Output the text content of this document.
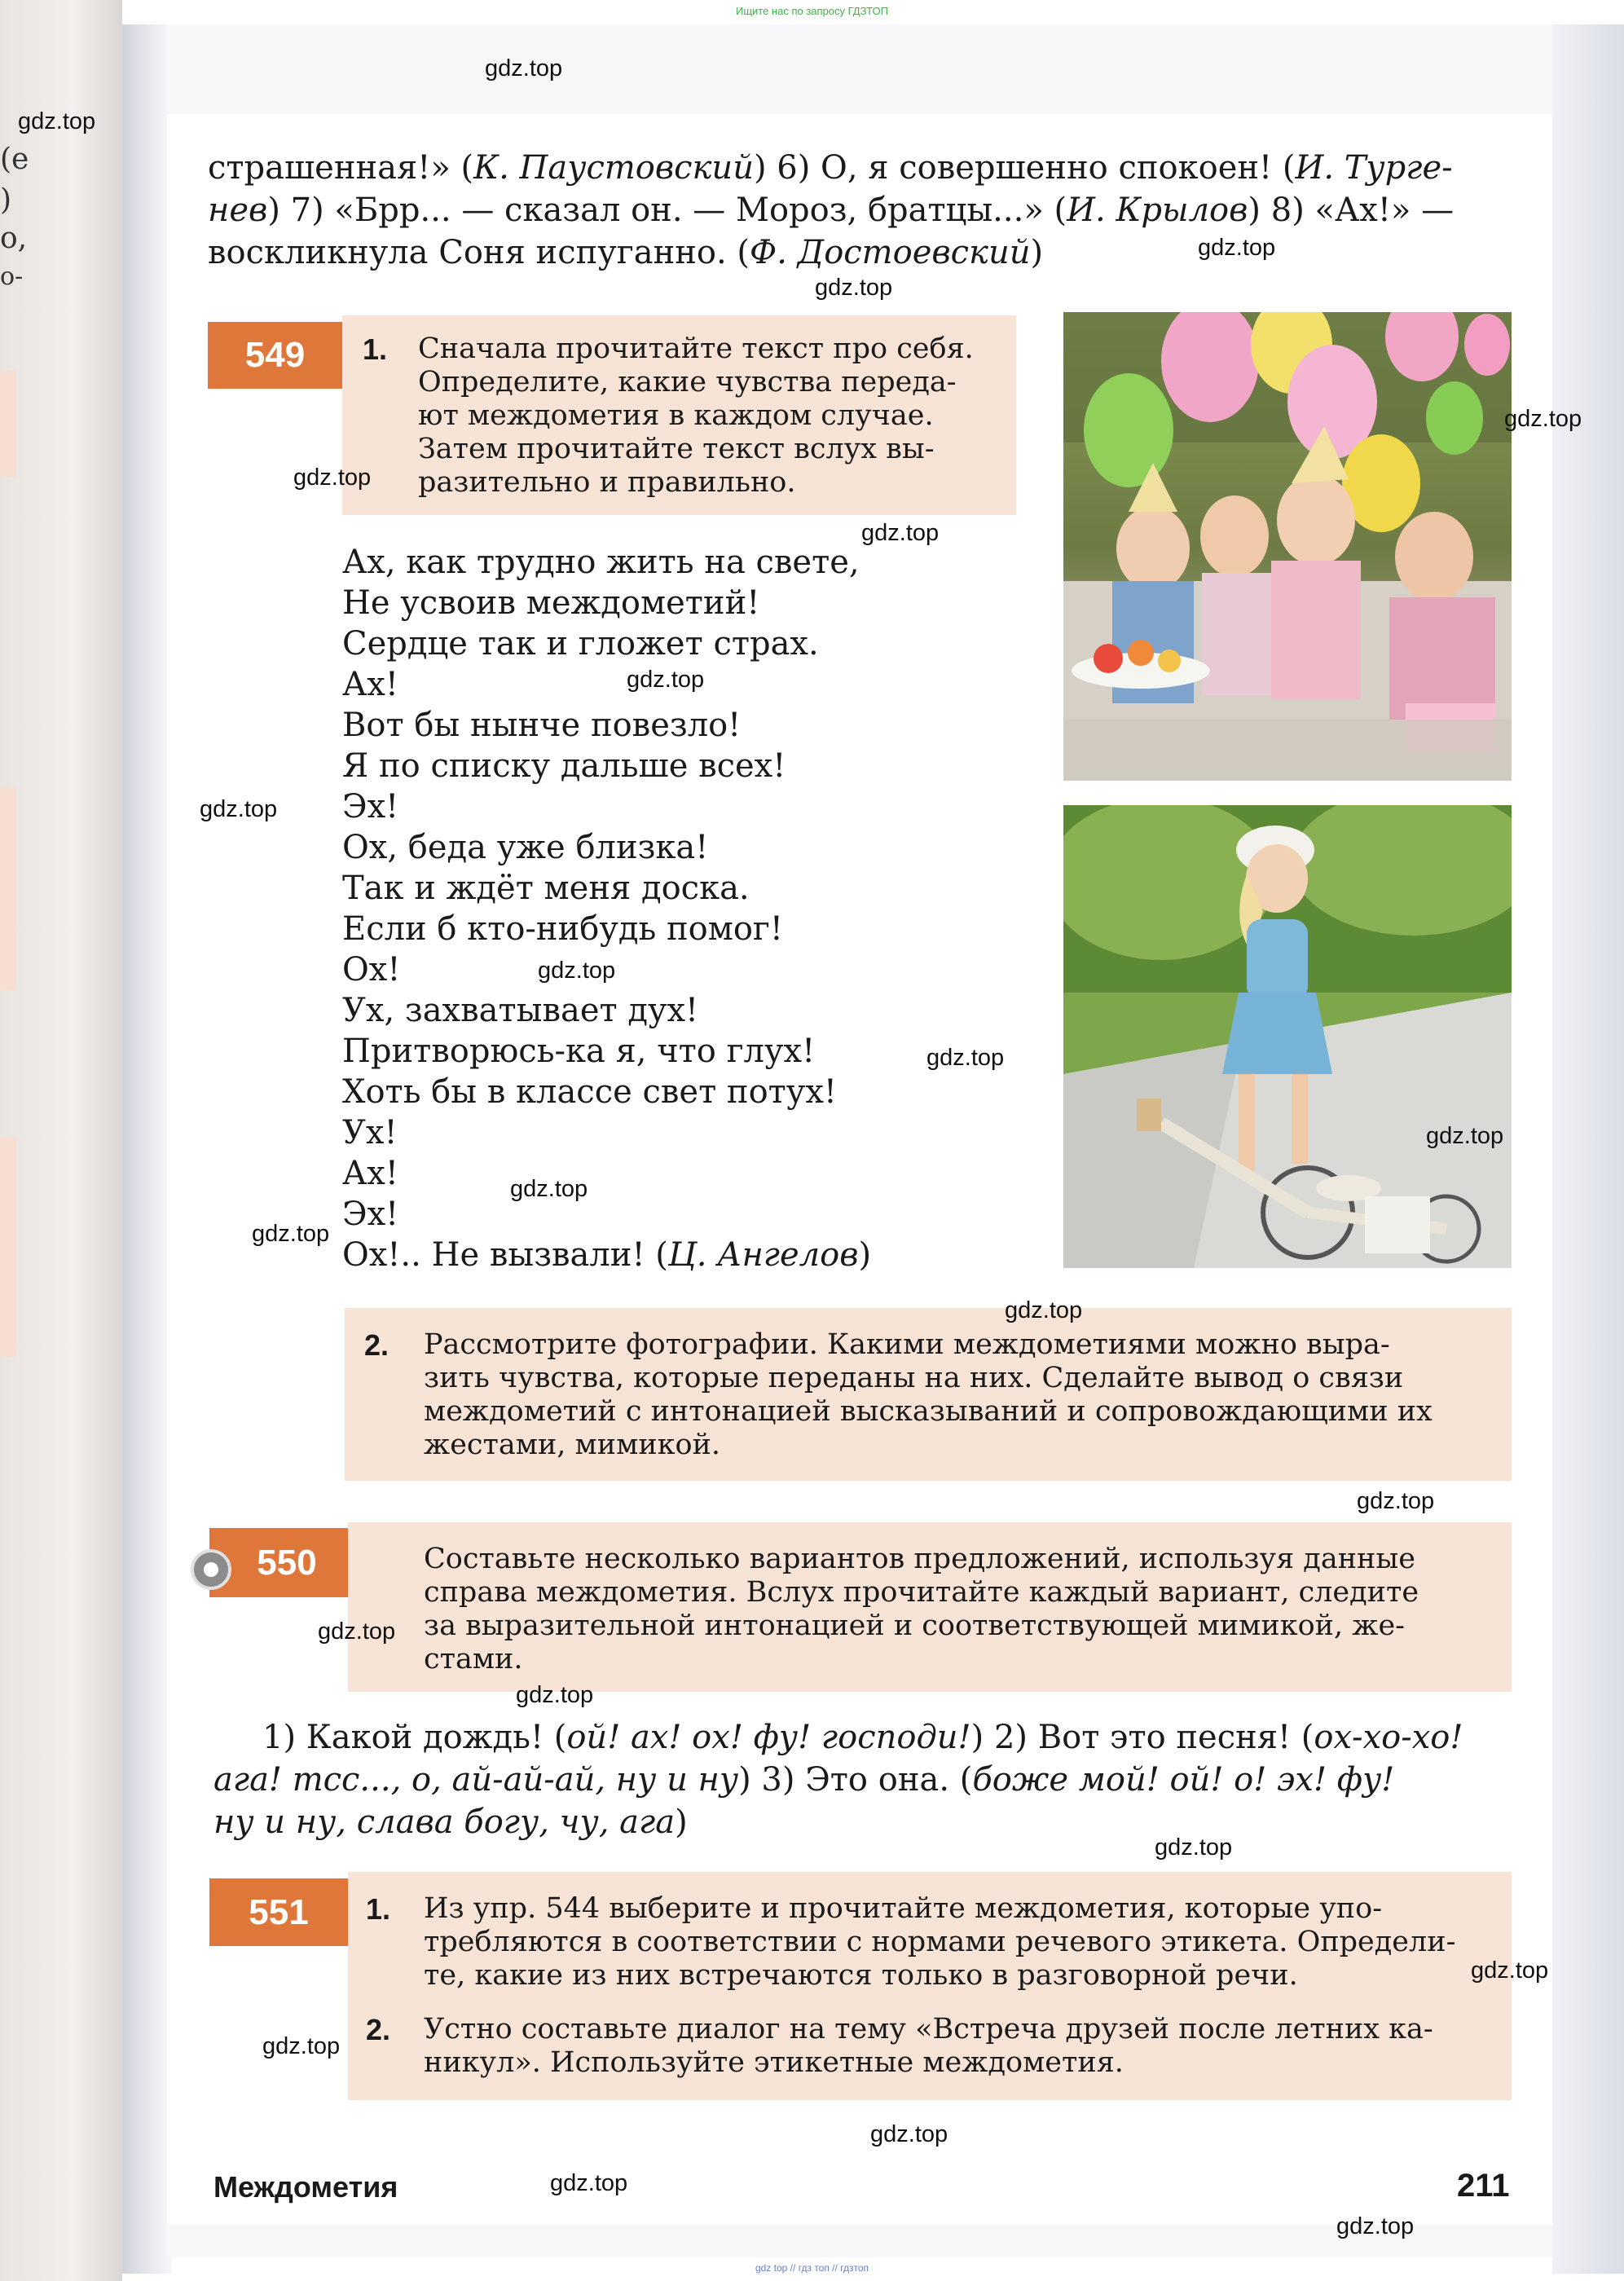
(е
)
о,
о-
Ищите нас по запросу ГДЗТОП
страшенная!» (К. Паустовский) 6) О, я совершенно спокоен! (И. Турге-
нев) 7) «Брр... — сказал он. — Мороз, братцы...» (И. Крылов) 8) «Ах!» —
воскликнула Соня испуганно. (Ф. Достоевский)
549	1. Сначала прочитайте текст про себя.
Определите, какие чувства переда-
ют междометия в каждом случае.
Затем прочитайте текст вслух вы-
разительно и правильно.
Ах, как трудно жить на свете,
Не усвоив междометий!
Сердце так и гложет страх.
Ах!
Вот бы нынче повезло!
Я по списку дальше всех!
Эх!
Ох, беда уже близка!
Так и ждёт меня доска.
Если б кто-нибудь помог!
Ох!
Ух, захватывает дух!
Притворюсь-ка я, что глух!
Хоть бы в классе свет потух!
Ух!
Ах!
Эх!
Ох!.. Не вызвали! (Ц. Ангелов)
2. Рассмотрите фотографии. Какими междометиями можно выра-
зить чувства, которые переданы на них. Сделайте вывод о связи
междометий с интонацией высказываний и сопровождающими их
жестами, мимикой.
550	Составьте несколько вариантов предложений, используя данные
справа междометия. Вслух прочитайте каждый вариант, следите
за выразительной интонацией и соответствующей мимикой, же-
стами.
1) Какой дождь! (ой! ах! ох! фу! господи!) 2) Вот это песня! (ох-хо-хо!
ага! тсс..., о, ай-ай-ай, ну и ну) 3) Это она. (боже мой! ой! о! эх! фу!
ну и ну, слава богу, чу, ага)
551	1. Из упр. 544 выберите и прочитайте междометия, которые упо-
требляются в соответствии с нормами речевого этикета. Определи-
те, какие из них встречаются только в разговорной речи.
2. Устно составьте диалог на тему «Встреча друзей после летних ка-
никул». Используйте этикетные междометия.
Междометия	211
gdz top // гдз топ // гдзтоп
gdz.top
gdz.top
gdz.top
gdz.top
gdz.top
gdz.top
gdz.top
gdz.top
gdz.top
gdz.top
gdz.top
gdz.top
gdz.top
gdz.top
gdz.top
gdz.top
gdz.top
gdz.top
gdz.top
gdz.top
gdz.top
gdz.top
gdz.top
gdz.top
